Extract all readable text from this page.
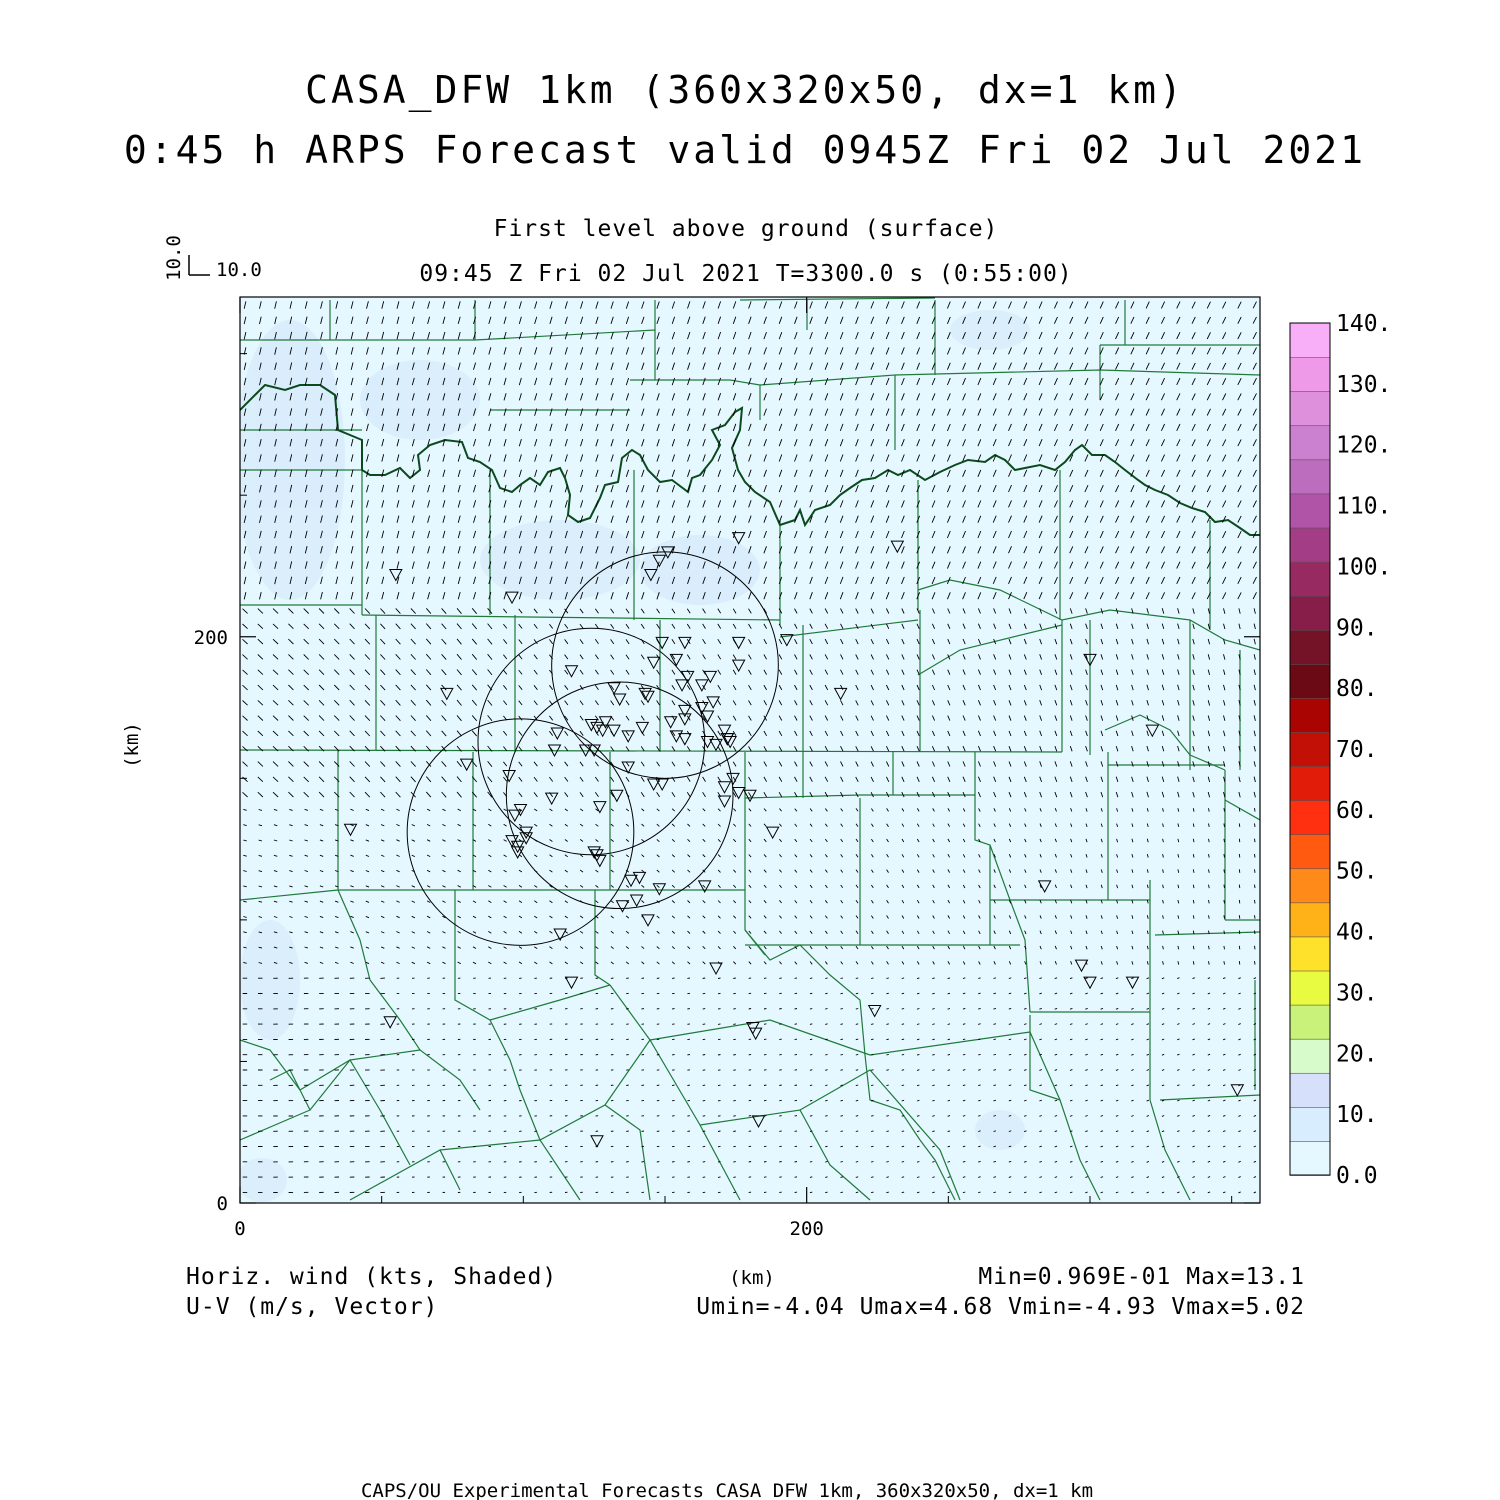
CASA_DFW 1km (360x320x50, dx=1 km)
0:45 h ARPS Forecast valid 0945Z Fri 02 Jul 2021
First level above ground (surface)
09:45 Z Fri 02 Jul 2021 T=3300.0 s (0:55:00)
10.0
10.0
0	200
0
200
(km)
(km)
0.0
10.
20.
30.
40.
50.
60.
70.
80.
90.
100.
110.
120.
130.
140.
Horiz. wind (kts, Shaded)
U-V (m/s, Vector)
Min=0.969E-01 Max=13.1
Umin=-4.04 Umax=4.68 Vmin=-4.93 Vmax=5.02
CAPS/OU Experimental Forecasts CASA DFW 1km, 360x320x50, dx=1 km
